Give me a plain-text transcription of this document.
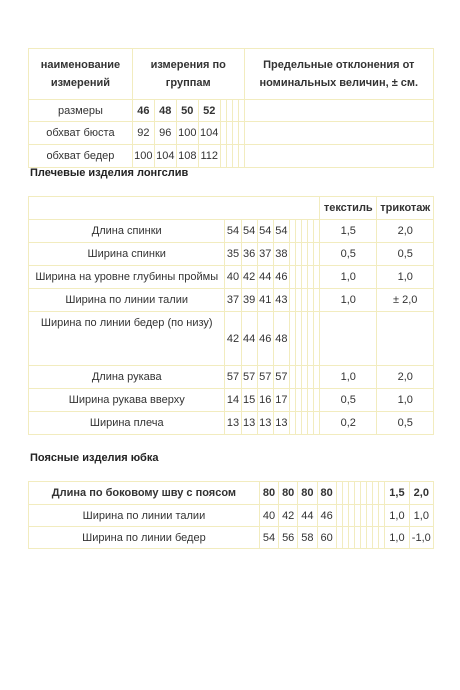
наименование
измерений	измерения по
группам								Предельные отклонения от
номинальных величин, ± см.
размеры	46	48	50	52					
обхват бюста	92	96	100	104					
обхват бедер	100	104	108	112					
Плечевые изделия лонгслив
										текстиль	трикотаж
Длина спинки	54	54	54	54						1,5	2,0
Ширина спинки	35	36	37	38						0,5	0,5
Ширина на уровне глубины проймы	40	42	44	46						1,0	1,0
Ширина по линии талии	37	39	41	43						1,0	± 2,0
Ширина по линии бедер (по низу)	42	44	46	48							
Длина рукава	57	57	57	57						1,0	2,0
Ширина рукава вверху	14	15	16	17						0,5	1,0
Ширина плеча	13	13	13	13						0,2	0,5
Поясные изделия юбка
Длина по боковому шву с поясом	80	80	80	80									1,5	2,0
Ширина по линии талии	40	42	44	46									1,0	1,0
Ширина по линии бедер	54	56	58	60									1,0	-1,0
